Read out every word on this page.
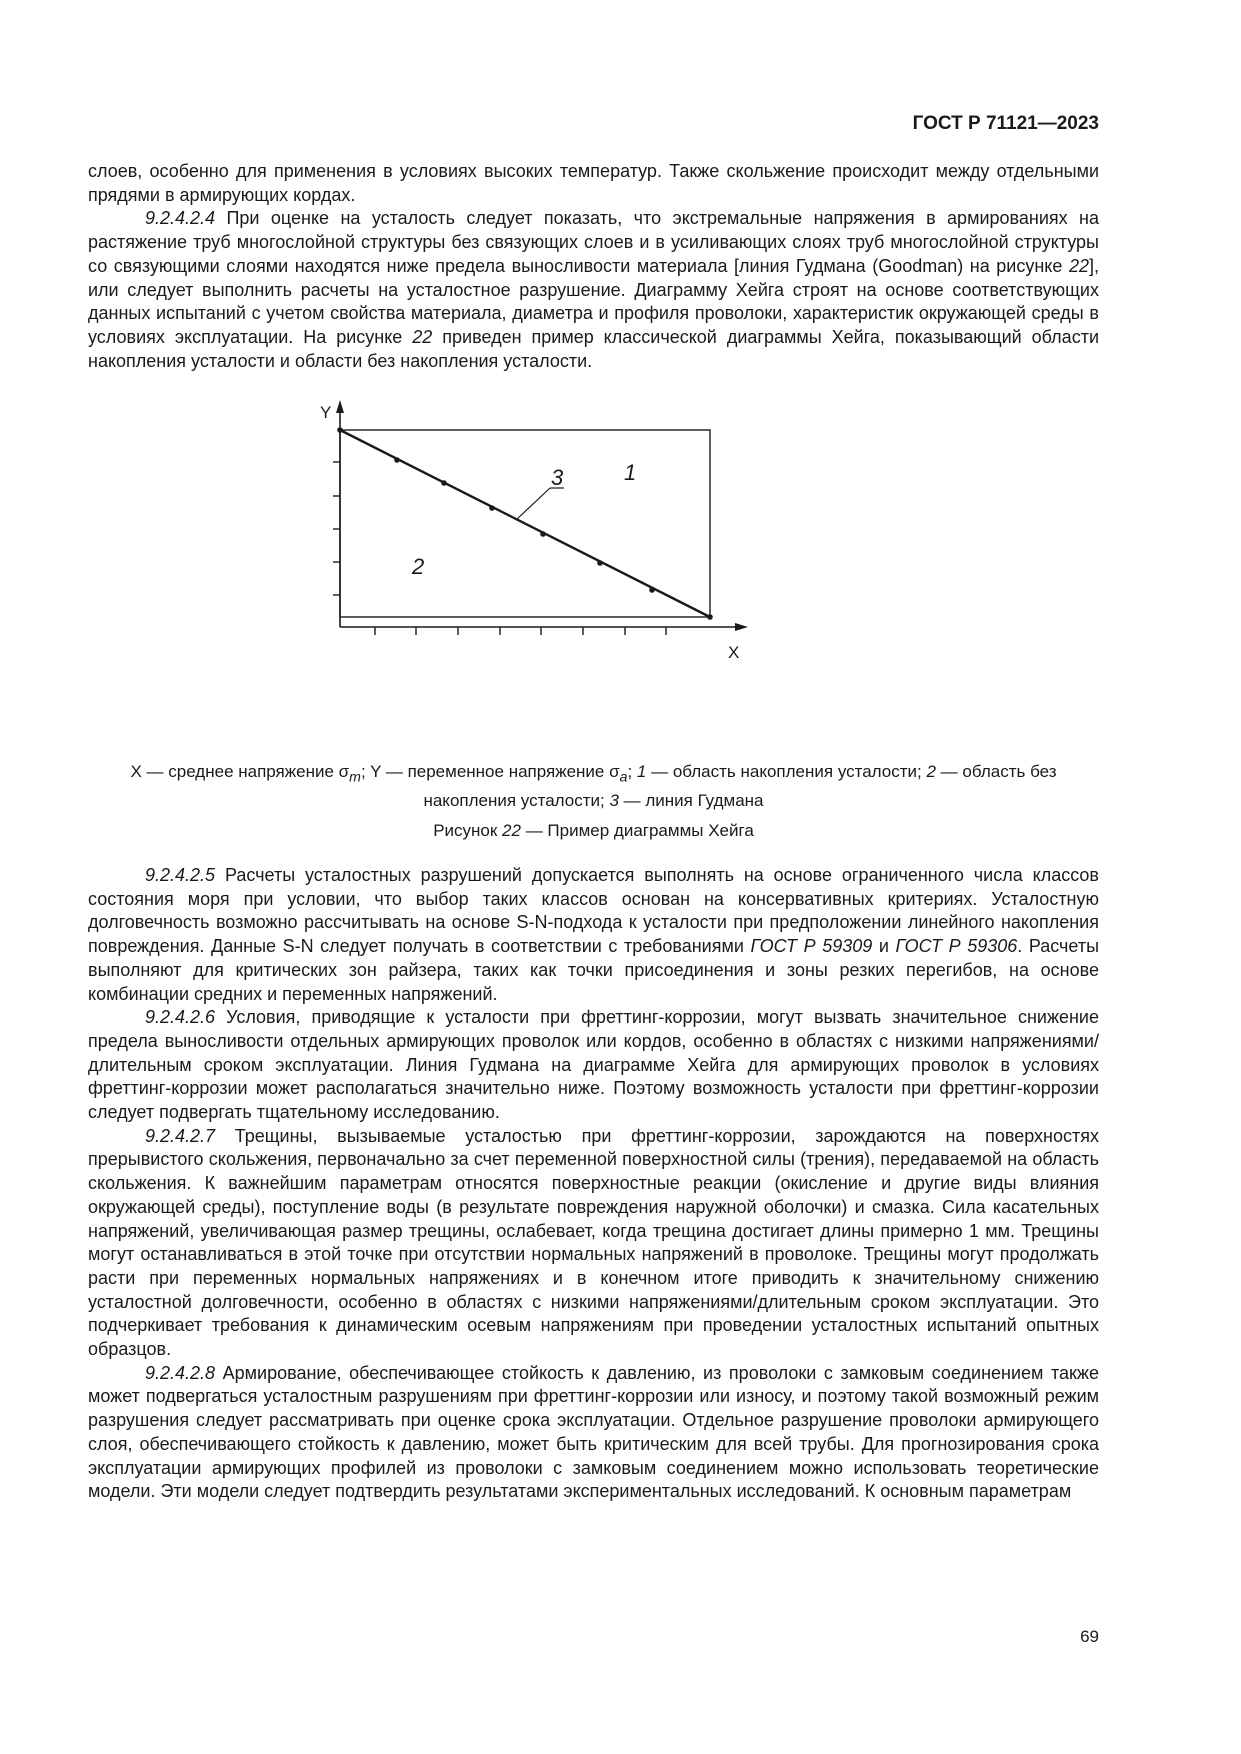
ГОСТ Р 71121—2023

слоев, особенно для применения в условиях высоких температур. Также скольжение происходит между отдельными прядями в армирующих кордах.

9.2.4.2.4 При оценке на усталость следует показать, что экстремальные напряжения в армированиях на растяжение труб многослойной структуры без связующих слоев и в усиливающих слоях труб многослойной структуры со связующими слоями находятся ниже предела выносливости материала [линия Гудмана (Goodman) на рисунке 22], или следует выполнить расчеты на усталостное разрушение. Диаграмму Хейга строят на основе соответствующих данных испытаний с учетом свойства материала, диаметра и профиля проволоки, характеристик окружающей среды в условиях эксплуатации. На рисунке 22 приведен пример классической диаграммы Хейга, показывающий области накопления усталости и области без накопления усталости.

Y
X
1
2
3
X — среднее напряжение $\sigma_m$; Y — переменное напряжение $\sigma_a$; 1 — область накопления усталости; 2 — область без накопления усталости; 3 — линия Гудмана
Рисунок 22 — Пример диаграммы Хейга

9.2.4.2.5 Расчеты усталостных разрушений допускается выполнять на основе ограниченного числа классов состояния моря при условии, что выбор таких классов основан на консервативных критериях. Усталостную долговечность возможно рассчитывать на основе S-N-подхода к усталости при предположении линейного накопления повреждения. Данные S-N следует получать в соответствии с требованиями ГОСТ Р 59309 и ГОСТ Р 59306. Расчеты выполняют для критических зон райзера, таких как точки присоединения и зоны резких перегибов, на основе комбинации средних и переменных напряжений.

9.2.4.2.6 Условия, приводящие к усталости при фреттинг-коррозии, могут вызвать значительное снижение предела выносливости отдельных армирующих проволок или кордов, особенно в областях с низкими напряжениями/длительным сроком эксплуатации. Линия Гудмана на диаграмме Хейга для армирующих проволок в условиях фреттинг-коррозии может располагаться значительно ниже. Поэтому возможность усталости при фреттинг-коррозии следует подвергать тщательному исследованию.

9.2.4.2.7 Трещины, вызываемые усталостью при фреттинг-коррозии, зарождаются на поверхностях прерывистого скольжения, первоначально за счет переменной поверхностной силы (трения), передаваемой на область скольжения. К важнейшим параметрам относятся поверхностные реакции (окисление и другие виды влияния окружающей среды), поступление воды (в результате повреждения наружной оболочки) и смазка. Сила касательных напряжений, увеличивающая размер трещины, ослабевает, когда трещина достигает длины примерно 1 мм. Трещины могут останавливаться в этой точке при отсутствии нормальных напряжений в проволоке. Трещины могут продолжать расти при переменных нормальных напряжениях и в конечном итоге приводить к значительному снижению усталостной долговечности, особенно в областях с низкими напряжениями/длительным сроком эксплуатации. Это подчеркивает требования к динамическим осевым напряжениям при проведении усталостных испытаний опытных образцов.

9.2.4.2.8 Армирование, обеспечивающее стойкость к давлению, из проволоки с замковым соединением также может подвергаться усталостным разрушениям при фреттинг-коррозии или износу, и поэтому такой возможный режим разрушения следует рассматривать при оценке срока эксплуатации. Отдельное разрушение проволоки армирующего слоя, обеспечивающего стойкость к давлению, может быть критическим для всей трубы. Для прогнозирования срока эксплуатации армирующих профилей из проволоки с замковым соединением можно использовать теоретические модели. Эти модели следует подтвердить результатами экспериментальных исследований. К основным параметрам

69
